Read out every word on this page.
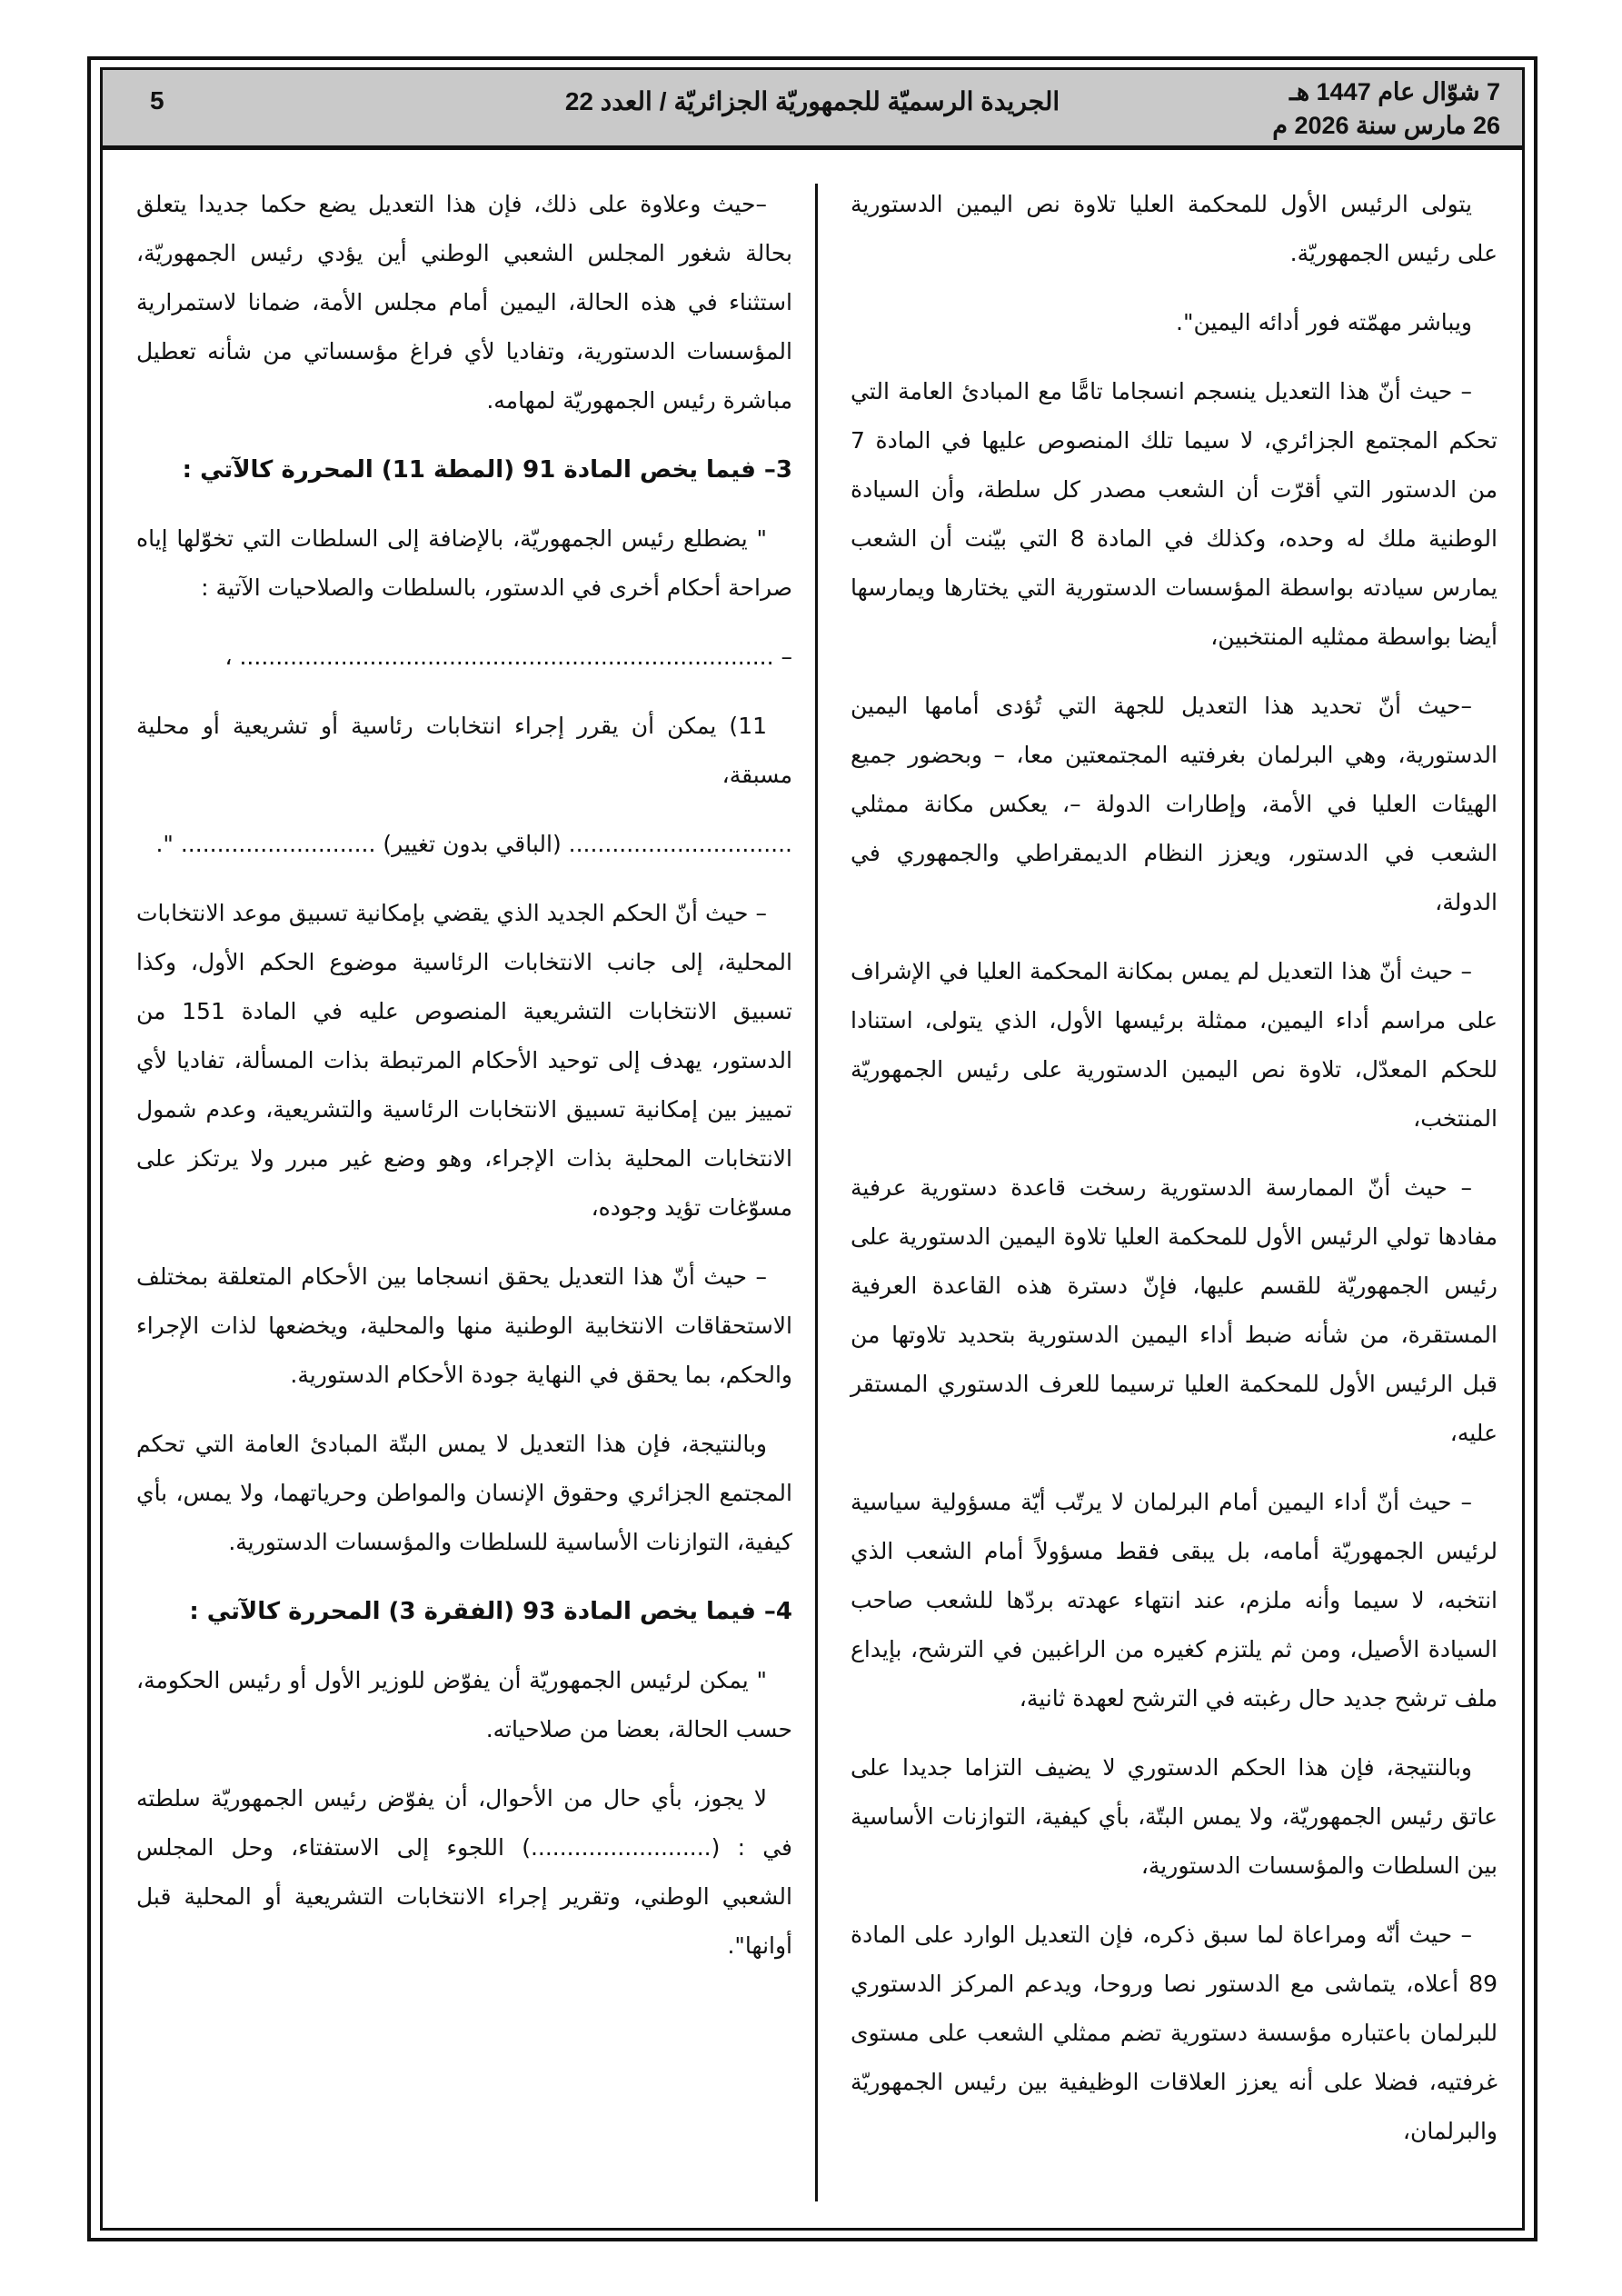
7 شوّال عام 1447 هـ
26 مارس سنة 2026 م
الجريدة الرسميّة للجمهوريّة الجزائريّة/العدد 22
5

يتولى الرئيس الأول للمحكمة العليا تلاوة نص اليمين الدستورية على رئيس الجمهوريّة.

ويباشر مهمّته فور أدائه اليمين".

– حيث أنّ هذا التعديل ينسجم انسجاما تامًّا مع المبادئ العامة التي تحكم المجتمع الجزائري، لا سيما تلك المنصوص عليها في المادة 7 من الدستور التي أقرّت أن الشعب مصدر كل سلطة، وأن السيادة الوطنية ملك له وحده، وكذلك في المادة 8 التي بيّنت أن الشعب يمارس سيادته بواسطة المؤسسات الدستورية التي يختارها ويمارسها أيضا بواسطة ممثليه المنتخبين،

–حيث أنّ تحديد هذا التعديل للجهة التي تُؤدى أمامها اليمين الدستورية، وهي البرلمان بغرفتيه المجتمعتين معا، – وبحضور جميع الهيئات العليا في الأمة، وإطارات الدولة –، يعكس مكانة ممثلي الشعب في الدستور، ويعزز النظام الديمقراطي والجمهوري في الدولة،

– حيث أنّ هذا التعديل لم يمس بمكانة المحكمة العليا في الإشراف على مراسم أداء اليمين، ممثلة برئيسها الأول، الذي يتولى، استنادا للحكم المعدّل، تلاوة نص اليمين الدستورية على رئيس الجمهوريّة المنتخب،

– حيث أنّ الممارسة الدستورية رسخت قاعدة دستورية عرفية مفادها تولي الرئيس الأول للمحكمة العليا تلاوة اليمين الدستورية على رئيس الجمهوريّة للقسم عليها، فإنّ دسترة هذه القاعدة العرفية المستقرة، من شأنه ضبط أداء اليمين الدستورية بتحديد تلاوتها من قبل الرئيس الأول للمحكمة العليا ترسيما للعرف الدستوري المستقر عليه،

– حيث أنّ أداء اليمين أمام البرلمان لا يرتّب أيّة مسؤولية سياسية لرئيس الجمهوريّة أمامه، بل يبقى فقط مسؤولاً أمام الشعب الذي انتخبه، لا سيما وأنه ملزم، عند انتهاء عهدته بردّها للشعب صاحب السيادة الأصيل، ومن ثم يلتزم كغيره من الراغبين في الترشح، بإيداع ملف ترشح جديد حال رغبته في الترشح لعهدة ثانية،

وبالنتيجة، فإن هذا الحكم الدستوري لا يضيف التزاما جديدا على عاتق رئيس الجمهوريّة، ولا يمس البتّة، بأي كيفية، التوازنات الأساسية بين السلطات والمؤسسات الدستورية،

– حيث أنّه ومراعاة لما سبق ذكره، فإن التعديل الوارد على المادة 89 أعلاه، يتماشى مع الدستور نصا وروحا، ويدعم المركز الدستوري للبرلمان باعتباره مؤسسة دستورية تضم ممثلي الشعب على مستوى غرفتيه، فضلا على أنه يعزز العلاقات الوظيفية بين رئيس الجمهوريّة والبرلمان،

–حيث وعلاوة على ذلك، فإن هذا التعديل يضع حكما جديدا يتعلق بحالة شغور المجلس الشعبي الوطني أين يؤدي رئيس الجمهوريّة، استثناء في هذه الحالة، اليمين أمام مجلس الأمة، ضمانا لاستمرارية المؤسسات الدستورية، وتفاديا لأي فراغ مؤسساتي من شأنه تعطيل مباشرة رئيس الجمهوريّة لمهامه.

3– فيما يخص المادة 91 (المطة 11) المحررة كالآتي :

" يضطلع رئيس الجمهوريّة، بالإضافة إلى السلطات التي تخوّلها إياه صراحة أحكام أخرى في الدستور، بالسلطات والصلاحيات الآتية :

– .......................................................................... ،

11) يمكن أن يقرر إجراء انتخابات رئاسية أو تشريعية أو محلية مسبقة،

............................... (الباقي بدون تغيير) ........................... ".

– حيث أنّ الحكم الجديد الذي يقضي بإمكانية تسبيق موعد الانتخابات المحلية، إلى جانب الانتخابات الرئاسية موضوع الحكم الأول، وكذا تسبيق الانتخابات التشريعية المنصوص عليه في المادة 151 من الدستور، يهدف إلى توحيد الأحكام المرتبطة بذات المسألة، تفاديا لأي تمييز بين إمكانية تسبيق الانتخابات الرئاسية والتشريعية، وعدم شمول الانتخابات المحلية بذات الإجراء، وهو وضع غير مبرر ولا يرتكز على مسوّغات تؤيد وجوده،

– حيث أنّ هذا التعديل يحقق انسجاما بين الأحكام المتعلقة بمختلف الاستحقاقات الانتخابية الوطنية منها والمحلية، ويخضعها لذات الإجراء والحكم، بما يحقق في النهاية جودة الأحكام الدستورية.

وبالنتيجة، فإن هذا التعديل لا يمس البتّة المبادئ العامة التي تحكم المجتمع الجزائري وحقوق الإنسان والمواطن وحرياتهما، ولا يمس، بأي كيفية، التوازنات الأساسية للسلطات والمؤسسات الدستورية.

4– فيما يخص المادة 93 (الفقرة 3) المحررة كالآتي :

" يمكن لرئيس الجمهوريّة أن يفوّض للوزير الأول أو رئيس الحكومة، حسب الحالة، بعضا من صلاحياته.

لا يجوز، بأي حال من الأحوال، أن يفوّض رئيس الجمهوريّة سلطته في : (.........................) اللجوء إلى الاستفتاء، وحل المجلس الشعبي الوطني، وتقرير إجراء الانتخابات التشريعية أو المحلية قبل أوانها".
